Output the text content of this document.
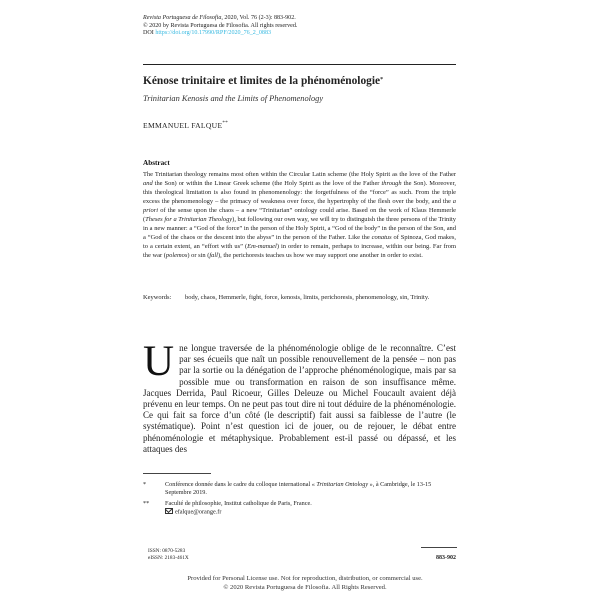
Revista Portuguesa de Filosofia, 2020, Vol. 76 (2-3): 883-902.
© 2020 by Revista Portuguesa de Filosofia. All rights reserved.
DOI https://doi.org/10.17990/RPF/2020_76_2_0883
Kénose trinitaire et limites de la phénoménologie*
Trinitarian Kenosis and the Limits of Phenomenology
EMMANUEL FALQUE**
Abstract
The Trinitarian theology remains most often within the Circular Latin scheme (the Holy Spirit as the love of the Father and the Son) or within the Linear Greek scheme (the Holy Spirit as the love of the Father through the Son). Moreover, this theological limitation is also found in phenomenology: the forgetfulness of the “force” as such. From the triple excess the phenomenology – the primacy of weakness over force, the hypertrophy of the flesh over the body, and the a priori of the sense upon the chaos – a new “Trinitarian” ontology could arise. Based on the work of Klaus Hemmerle (Theses for a Trinitarian Theology), but following our own way, we will try to distinguish the three persons of the Trinity in a new manner: a “God of the force” in the person of the Holy Spirit, a “God of the body” in the person of the Son, and a “God of the chaos or the descent into the abyss” in the person of the Father. Like the conatus of Spinoza, God makes, to a certain extent, an “effort with us” (Em-manuel) in order to remain, perhaps to increase, within our being. Far from the war (polemos) or sin (fall), the perichoresis teaches us how we may support one another in order to exist.
Keywords:	body, chaos, Hemmerle, fight, force, kenosis, limits, perichoresis, phenomenology, sin, Trinity.
Une longue traversée de la phénoménologie oblige de le reconnaître. C’est par ses écueils que naît un possible renouvellement de la pensée – non pas par la sortie ou la dénégation de l’approche phénoménologique, mais par sa possible mue ou transformation en raison de son insuffisance même. Jacques Derrida, Paul Ricoeur, Gilles Deleuze ou Michel Foucault avaient déjà prévenu en leur temps. On ne peut pas tout dire ni tout déduire de la phénoménologie. Ce qui fait sa force d’un côté (le descriptif) fait aussi sa faiblesse de l’autre (le systématique). Point n’est question ici de jouer, ou de rejouer, le débat entre phénoménologie et métaphysique. Probablement est-il passé ou dépassé, et les attaques des
*	Conférence donnée dans le cadre du colloque international « Trinitarian Ontology », à Cambridge, le 13-15 Septembre 2019.
**	Faculté de philosophie, Institut catholique de Paris, France.
efalque@orange.fr
ISSN: 0870-5283
eISSN: 2183-461X	883-902
Provided for Personal License use. Not for reproduction, distribution, or commercial use.
© 2020 Revista Portuguesa de Filosofia. All Rights Reserved.
